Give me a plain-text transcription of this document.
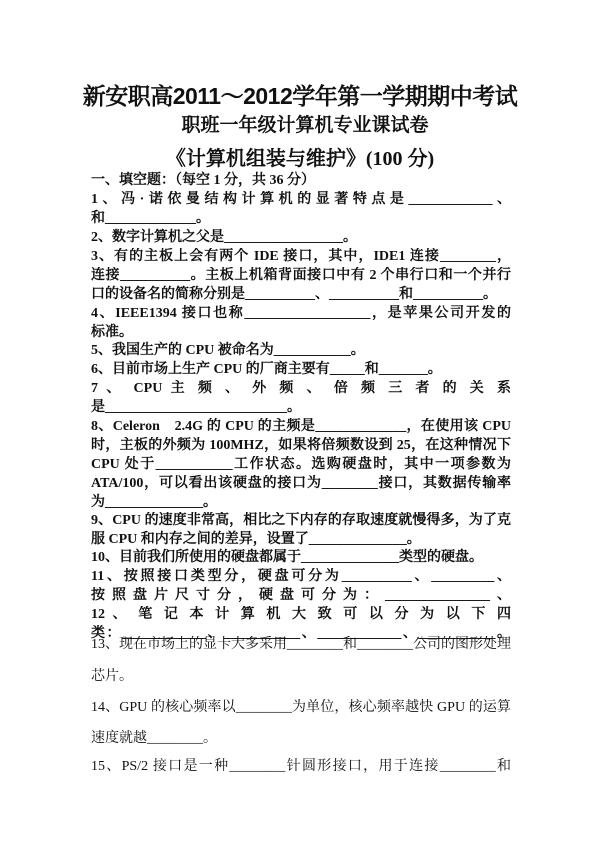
新安职高2011～2012学年第一学期期中考试
职班一年级计算机专业课试卷
《计算机组装与维护》(100 分)
一、填空题：（每空 1 分，共 36 分）
1、冯·诺依曼结构计算机的显著特点是____________、
和_____________。
2、数字计算机之父是_________________。
3、有的主板上会有两个 IDE 接口，其中，IDE1 连接________，
连接__________。主板上机箱背面接口中有 2 个串行口和一个并行
口的设备名的简称分别是__________、__________和__________。
4、IEEE1394 接口也称__________________，是苹果公司开发的
标准。
5、我国生产的 CPU 被命名为___________。
6、目前市场上生产 CPU 的厂商主要有_____和_______。
7 、 CPU 主 频 、 外 频 、 倍 频 三 者 的 关 系
是__________________________。
8、Celeron　2.4G 的 CPU 的主频是_____________，在使用该 CPU
时，主板的外频为 100MHZ，如果将倍频数设到 25，在这种情况下
CPU 处于___________工作状态。选购硬盘时，其中一项参数为
ATA/100，可以看出该硬盘的接口为________接口，其数据传输率
为______________。
9、CPU 的速度非常高，相比之下内存的存取速度就慢得多，为了克
服 CPU 和内存之间的差异，设置了______________。
10、目前我们所使用的硬盘都属于______________类型的硬盘。
11、按照接口类型分，硬盘可分为__________、_________、
按照盘片尺寸分，硬盘可分为：_______________、
12 、 笔 记 本 计 算 机 大 致 可 以 分 为 以 下 四
类：____________、___________、____________、___________。
13、现在市场上的显卡大多采用________和________公司的图形处理
芯片。
14、GPU 的核心频率以________为单位，核心频率越快 GPU 的运算
速度就越________。
15、PS/2 接口是一种________针圆形接口，用于连接________和
